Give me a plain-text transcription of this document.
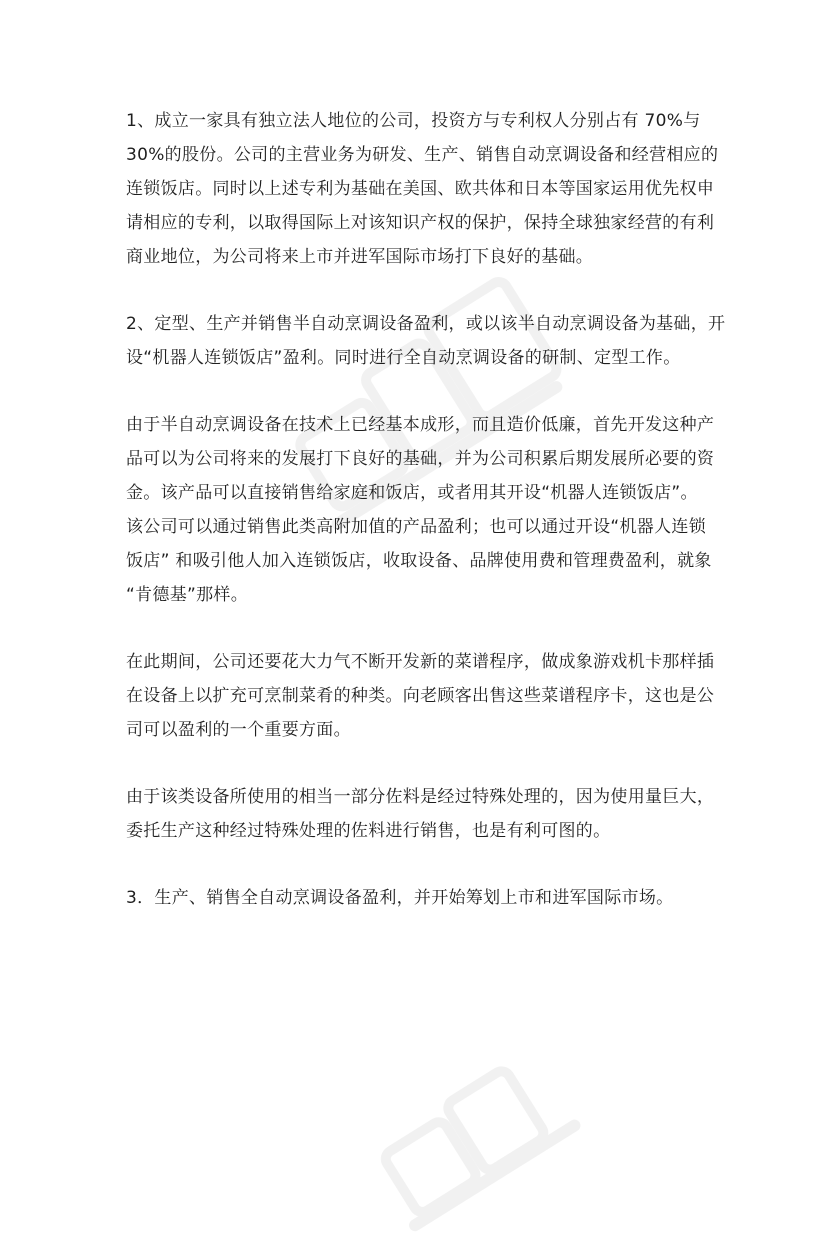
1、成立一家具有独立法人地位的公司，投资方与专利权人分别占有 70%与
30%的股份。公司的主营业务为研发、生产、销售自动烹调设备和经营相应的
连锁饭店。同时以上述专利为基础在美国、欧共体和日本等国家运用优先权申
请相应的专利，以取得国际上对该知识产权的保护，保持全球独家经营的有利
商业地位，为公司将来上市并进军国际市场打下良好的基础。
2、定型、生产并销售半自动烹调设备盈利，或以该半自动烹调设备为基础，开
设“机器人连锁饭店”盈利。同时进行全自动烹调设备的研制、定型工作。
由于半自动烹调设备在技术上已经基本成形，而且造价低廉，首先开发这种产
品可以为公司将来的发展打下良好的基础，并为公司积累后期发展所必要的资
金。该产品可以直接销售给家庭和饭店，或者用其开设“机器人连锁饭店”。
该公司可以通过销售此类高附加值的产品盈利；也可以通过开设“机器人连锁
饭店” 和吸引他人加入连锁饭店，收取设备、品牌使用费和管理费盈利，就象
“肯德基”那样。
在此期间，公司还要花大力气不断开发新的菜谱程序，做成象游戏机卡那样插
在设备上以扩充可烹制菜肴的种类。向老顾客出售这些菜谱程序卡，这也是公
司可以盈利的一个重要方面。
由于该类设备所使用的相当一部分佐料是经过特殊处理的，因为使用量巨大，
委托生产这种经过特殊处理的佐料进行销售，也是有利可图的。
3．生产、销售全自动烹调设备盈利，并开始筹划上市和进军国际市场。
